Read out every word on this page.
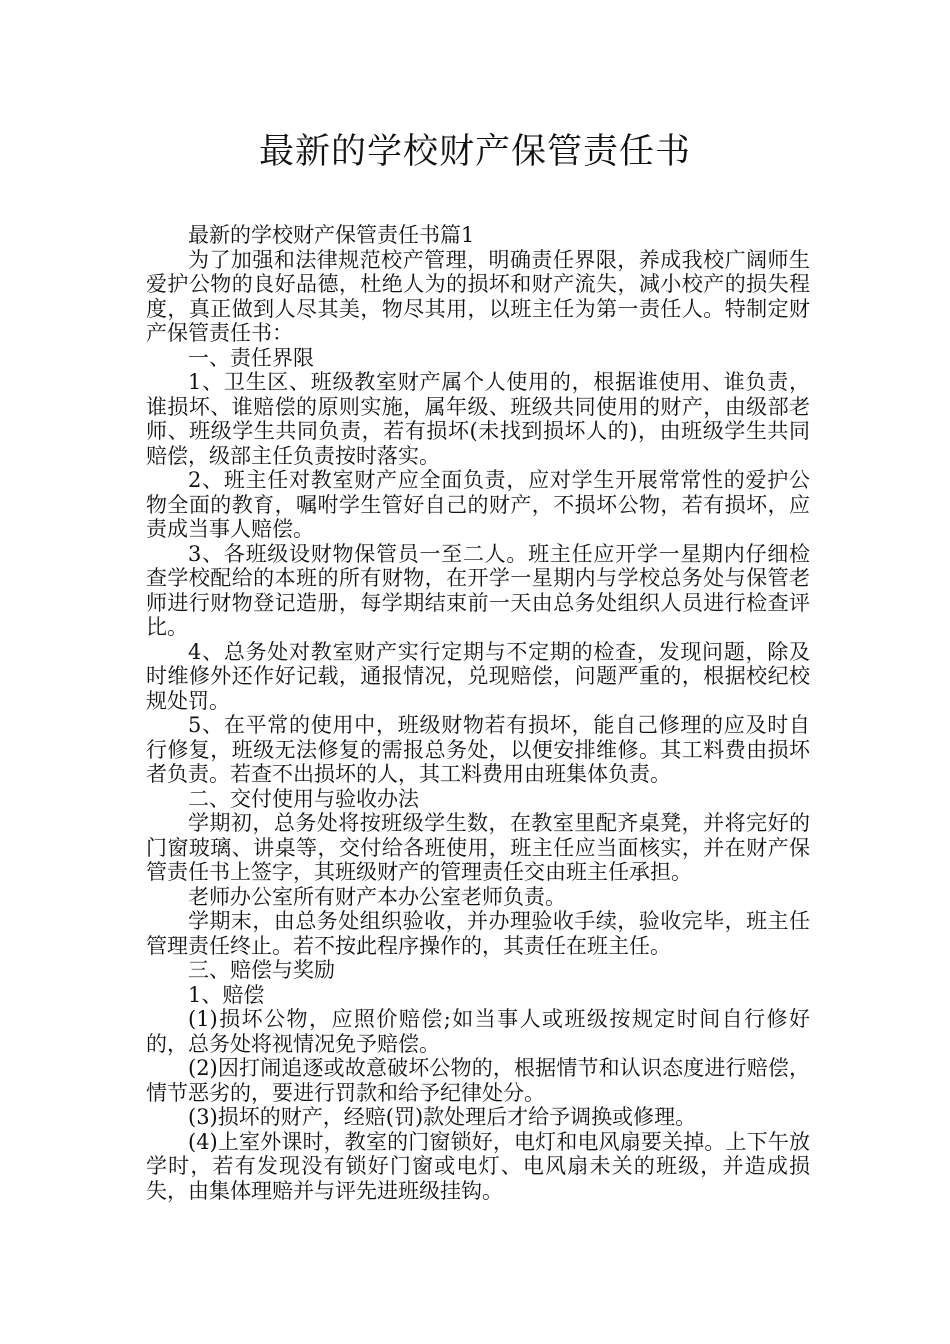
最新的学校财产保管责任书

最新的学校财产保管责任书篇1

为了加强和法律规范校产管理，明确责任界限，养成我校广阔师生爱护公物的良好品德，杜绝人为的损坏和财产流失，减小校产的损失程度，真正做到人尽其美，物尽其用，以班主任为第一责任人。特制定财产保管责任书：

一、责任界限

1、卫生区、班级教室财产属个人使用的，根据谁使用、谁负责，谁损坏、谁赔偿的原则实施，属年级、班级共同使用的财产，由级部老师、班级学生共同负责，若有损坏(未找到损坏人的)，由班级学生共同赔偿，级部主任负责按时落实。

2、班主任对教室财产应全面负责，应对学生开展常常性的爱护公物全面的教育，嘱咐学生管好自己的财产，不损坏公物，若有损坏，应责成当事人赔偿。

3、各班级设财物保管员一至二人。班主任应开学一星期内仔细检查学校配给的本班的所有财物，在开学一星期内与学校总务处与保管老师进行财物登记造册，每学期结束前一天由总务处组织人员进行检查评比。

4、总务处对教室财产实行定期与不定期的检查，发现问题，除及时维修外还作好记载，通报情况，兑现赔偿，问题严重的，根据校纪校规处罚。

5、在平常的使用中，班级财物若有损坏，能自己修理的应及时自行修复，班级无法修复的需报总务处，以便安排维修。其工料费由损坏者负责。若查不出损坏的人，其工料费用由班集体负责。

二、交付使用与验收办法

学期初，总务处将按班级学生数，在教室里配齐桌凳，并将完好的门窗玻璃、讲桌等，交付给各班使用，班主任应当面核实，并在财产保管责任书上签字，其班级财产的管理责任交由班主任承担。

老师办公室所有财产本办公室老师负责。

学期末，由总务处组织验收，并办理验收手续，验收完毕，班主任管理责任终止。若不按此程序操作的，其责任在班主任。

三、赔偿与奖励

1、赔偿

(1)损坏公物，应照价赔偿;如当事人或班级按规定时间自行修好的，总务处将视情况免予赔偿。

(2)因打闹追逐或故意破坏公物的，根据情节和认识态度进行赔偿，情节恶劣的，要进行罚款和给予纪律处分。

(3)损坏的财产，经赔(罚)款处理后才给予调换或修理。

(4)上室外课时，教室的门窗锁好，电灯和电风扇要关掉。上下午放学时，若有发现没有锁好门窗或电灯、电风扇未关的班级，并造成损失，由集体理赔并与评先进班级挂钩。
